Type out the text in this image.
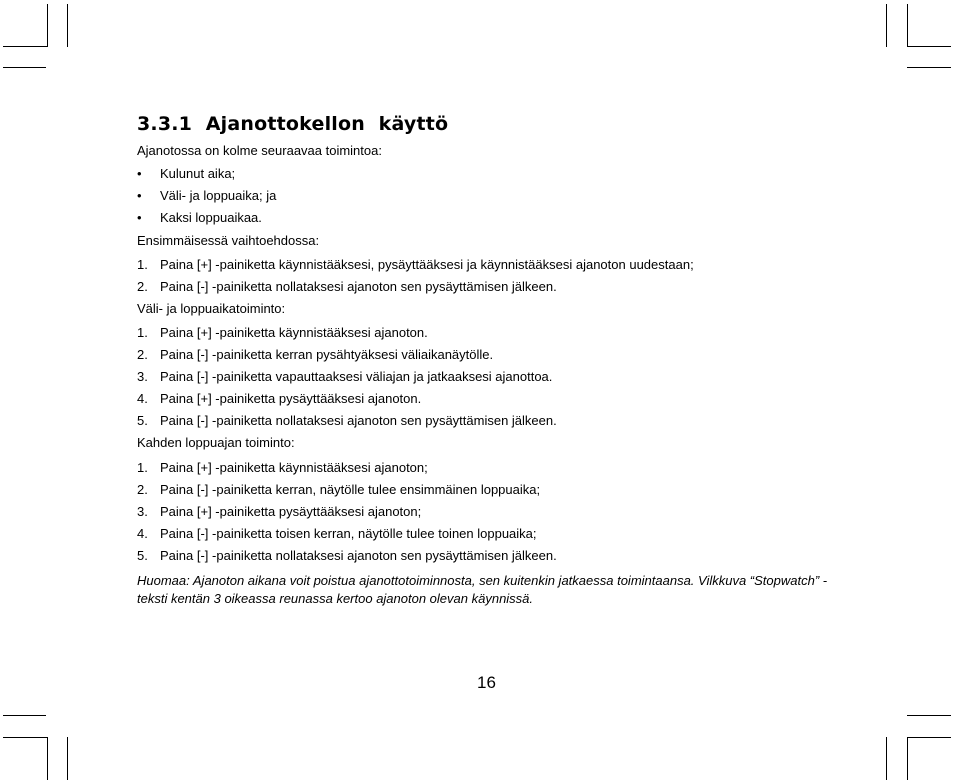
3.3.1  Ajanottokellon  käyttö
Ajanotossa on kolme seuraavaa toimintoa:
• Kulunut aika;
• Väli- ja loppuaika; ja
• Kaksi loppuaikaa.
Ensimmäisessä vaihtoehdossa:
1. Paina [+] -painiketta käynnistääksesi, pysäyttääksesi ja käynnistääksesi ajanoton uudestaan;
2. Paina [-] -painiketta nollataksesi ajanoton sen pysäyttämisen jälkeen.
Väli- ja loppuaikatoiminto:
1. Paina [+] -painiketta käynnistääksesi ajanoton.
2. Paina [-] -painiketta kerran pysähtyäksesi väliaikanäytölle.
3. Paina [-] -painiketta vapauttaaksesi väliajan ja jatkaaksesi ajanottoa.
4. Paina [+] -painiketta pysäyttääksesi ajanoton.
5. Paina [-] -painiketta nollataksesi ajanoton sen pysäyttämisen jälkeen.
Kahden loppuajan toiminto:
1. Paina [+] -painiketta käynnistääksesi ajanoton;
2. Paina [-] -painiketta kerran, näytölle tulee ensimmäinen loppuaika;
3. Paina [+] -painiketta pysäyttääksesi ajanoton;
4. Paina [-] -painiketta toisen kerran, näytölle tulee toinen loppuaika;
5. Paina [-] -painiketta nollataksesi ajanoton sen pysäyttämisen jälkeen.
Huomaa: Ajanoton aikana voit poistua ajanottotoiminnosta, sen kuitenkin jatkaessa toimintaansa. Vilkkuva “Stopwatch” -teksti kentän 3 oikeassa reunassa kertoo ajanoton olevan käynnissä.
16
